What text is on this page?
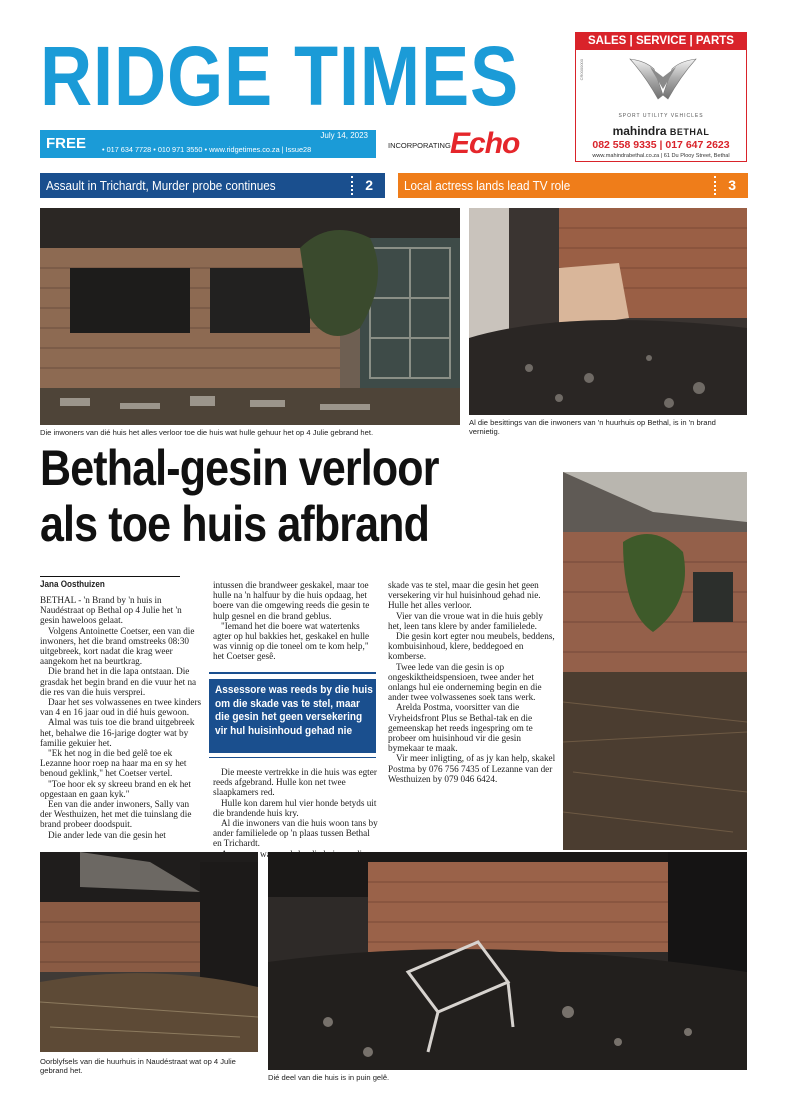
RIDGE TIMES
FREE	July 14, 2023
• 017 634 7728 • 010 971 3550 • www.ridgetimes.co.za | Issue28	INCORPORATING Echo
SALES | SERVICE | PARTS
CR0000000
SPORT UTILITY VEHICLES
mahindra BETHAL
082 558 9335 | 017 647 2623
www.mahindrabethal.co.za | 61 Du Plooy Street, Bethal
Assault in Trichardt, Murder probe continues	2 Local actress lands lead TV role	3
Die inwoners van dié huis het alles verloor toe die huis wat hulle gehuur het op 4 Julie gebrand het.
Al die besittings van die inwoners van 'n huurhuis op Bethal, is in 'n brand vernietig.
Bethal-gesin verloor
als toe huis afbrand
Jana Oosthuizen

BETHAL - 'n Brand by 'n huis in Naudéstraat op Bethal op 4 Julie het 'n gesin haweloos gelaat.

Volgens Antoinette Coetser, een van die inwoners, het die brand omstreeks 08:30 uitgebreek, kort nadat die krag weer aangekom het na beurtkrag.

Die brand het in die lapa ontstaan. Die grasdak het begin brand en die vuur het na die res van die huis versprei.

Daar het ses volwassenes en twee kinders van 4 en 16 jaar oud in dié huis gewoon.

Almal was tuis toe die brand uitgebreek het, behalwe die 16-jarige dogter wat by familie gekuier het.

"Ek het nog in die bed gelê toe ek Lezanne hoor roep na haar ma en sy het benoud geklink," het Coetser vertel.

"Toe hoor ek sy skreeu brand en ek het opgestaan en gaan kyk."

Een van die ander inwoners, Sally van der Westhuizen, het met die tuinslang die brand probeer doodspuit.

Die ander lede van die gesin het

intussen die brandweer geskakel, maar toe hulle na 'n halfuur by die huis opdaag, het boere van die omgewing reeds die gesin te hulp gesnel en die brand geblus.

"Iemand het die boere wat watertenks agter op hul bakkies het, geskakel en hulle was vinnig op die toneel om te kom help," het Coetser gesê.

Assessore was reeds by die huis
om die skade vas te stel, maar
die gesin het geen versekering
vir hul huisinhoud gehad nie

Die meeste vertrekke in die huis was egter reeds afgebrand. Hulle kon net twee slaapkamers red.

Hulle kon darem hul vier honde betyds uit die brandende huis kry.

Al die inwoners van die huis woon tans by ander familielede op 'n plaas tussen Bethal en Trichardt.

was

skade vas te stel, maar die gesin het geen versekering vir hul huisinhoud gehad nie. Hulle het alles verloor.

Vier van die vroue wat in die huis gebly het, leen tans klere by ander familielede.

Die gesin kort egter nou meubels, beddens, kombuisinhoud, klere, beddegoed en komberse.

Twee lede van die gesin is op ongeskiktheidspensioen, twee ander het onlangs hul eie onderneming begin en die ander twee volwassenes soek tans werk.

Arelda Postma, voorsitter van die Vryheidsfront Plus se Bethal-tak en die gemeenskap het reeds ingespring om te probeer om huisinhoud vir die gesin bymekaar te maak.

Vir meer inligting, of as jy kan help, skakel Postma by 076 756 7435 of Lezanne van der Westhuizen by 079 046 6424.

Oorblyfsels van die huurhuis in Naudéstraat wat op 4 Julie gebrand het.
Dié deel van die huis is in puin gelê.
